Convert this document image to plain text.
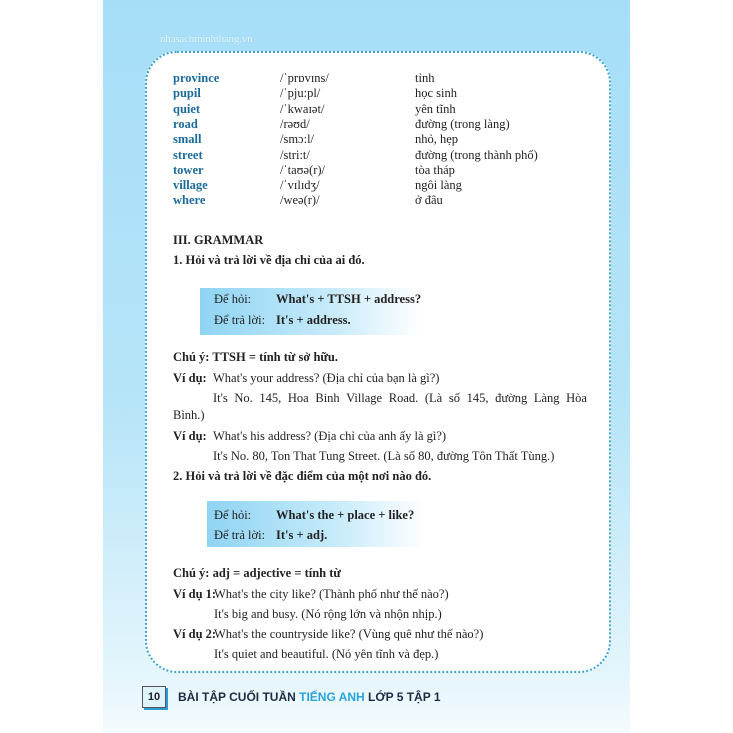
nhasachminhthang.vn
province	/ˈprɒvɪns/	tỉnh
pupil	/ˈpju:pl/	học sinh
quiet	/ˈkwaɪət/	yên tĩnh
road	/rəʊd/	đường (trong làng)
small	/smɔ:l/	nhỏ, hẹp
street	/stri:t/	đường (trong thành phố)
tower	/ˈtaʊə(r)/	tòa tháp
village	/ˈvɪlɪdʒ/	ngôi làng
where	/weə(r)/	ở đâu
III. GRAMMAR
1. Hỏi và trả lời về địa chỉ của ai đó.
Để hỏi: What's + TTSH + address?
Để trả lời: It's + address.
Chú ý: TTSH = tính từ sở hữu.
Ví dụ: What's your address? (Địa chỉ của bạn là gì?)
It's No. 145, Hoa Binh Village Road. (Là số 145, đường Làng Hòa
Bình.)
Ví dụ: What's his address? (Địa chỉ của anh ấy là gì?)
It's No. 80, Ton That Tung Street. (Là số 80, đường Tôn Thất Tùng.)
2. Hỏi và trả lời về đặc điểm của một nơi nào đó.
Để hỏi: What's the + place + like?
Để trả lời: It's + adj.
Chú ý: adj = adjective = tính từ
Ví dụ 1:
What's the city like? (Thành phố như thế nào?)
It's big and busy. (Nó rộng lớn và nhộn nhịp.)
Ví dụ 2:
What's the countryside like? (Vùng quê như thế nào?)
It's quiet and beautiful. (Nó yên tĩnh và đẹp.)
10	BÀI TẬP CUỐI TUẦN TIẾNG ANH LỚP 5 TẬP 1
